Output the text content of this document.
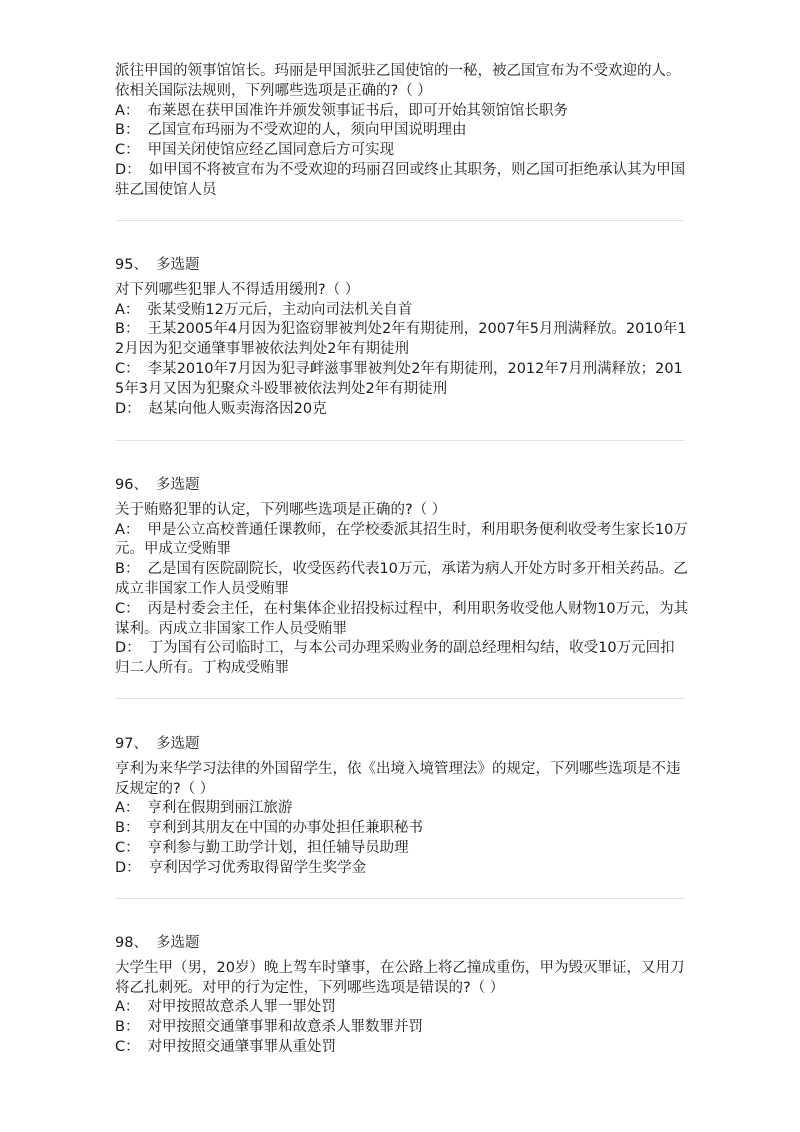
派往甲国的领事馆馆长。玛丽是甲国派驻乙国使馆的一秘，被乙国宣布为不受欢迎的人。依相关国际法规则，下列哪些选项是正确的?（ ）

A： 布莱恩在获甲国准许并颁发领事证书后，即可开始其领馆馆长职务

B： 乙国宣布玛丽为不受欢迎的人，须向甲国说明理由

C： 甲国关闭使馆应经乙国同意后方可实现

D： 如甲国不将被宣布为不受欢迎的玛丽召回或终止其职务，则乙国可拒绝承认其为甲国驻乙国使馆人员

95、 多选题

对下列哪些犯罪人不得适用缓刑?（ ）

A： 张某受贿12万元后，主动向司法机关自首

B： 王某2005年4月因为犯盗窃罪被判处2年有期徒刑，2007年5月刑满释放。2010年12月因为犯交通肇事罪被依法判处2年有期徒刑

C： 李某2010年7月因为犯寻衅滋事罪被判处2年有期徒刑，2012年7月刑满释放；2015年3月又因为犯聚众斗殴罪被依法判处2年有期徒刑

D： 赵某向他人贩卖海洛因20克

96、 多选题

关于贿赂犯罪的认定，下列哪些选项是正确的?（ ）

A： 甲是公立高校普通任课教师，在学校委派其招生时，利用职务便利收受考生家长10万元。甲成立受贿罪

B： 乙是国有医院副院长，收受医药代表10万元，承诺为病人开处方时多开相关药品。乙成立非国家工作人员受贿罪

C： 丙是村委会主任，在村集体企业招投标过程中，利用职务收受他人财物10万元，为其谋利。丙成立非国家工作人员受贿罪

D： 丁为国有公司临时工，与本公司办理采购业务的副总经理相勾结，收受10万元回扣归二人所有。丁构成受贿罪

97、 多选题

亨利为来华学习法律的外国留学生，依《出境入境管理法》的规定，下列哪些选项是不违反规定的?（ ）

A： 亨利在假期到丽江旅游

B： 亨利到其朋友在中国的办事处担任兼职秘书

C： 亨利参与勤工助学计划，担任辅导员助理

D： 亨利因学习优秀取得留学生奖学金

98、 多选题

大学生甲（男，20岁）晚上驾车时肇事，在公路上将乙撞成重伤，甲为毁灭罪证，又用刀将乙扎刺死。对甲的行为定性，下列哪些选项是错误的?（ ）

A： 对甲按照故意杀人罪一罪处罚

B： 对甲按照交通肇事罪和故意杀人罪数罪并罚

C： 对甲按照交通肇事罪从重处罚
